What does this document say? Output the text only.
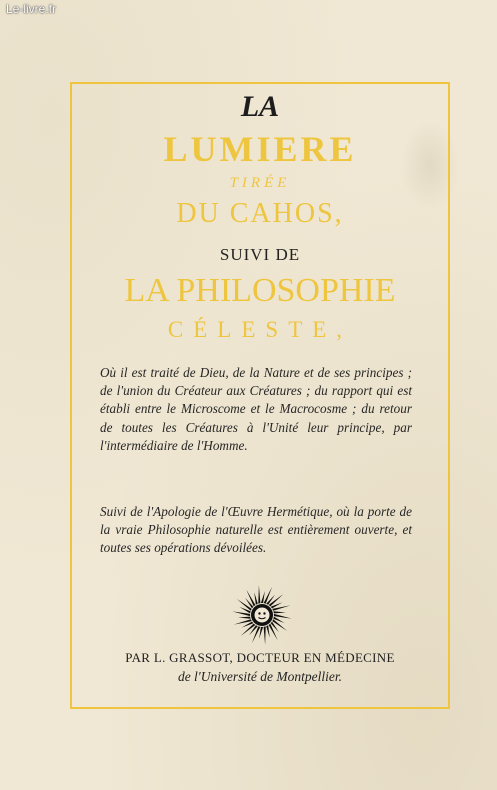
Le-livre.fr
LA
LUMIERE
TIRÉE
DU CAHOS,
SUIVI DE
LA PHILOSOPHIE
CÉLESTE,
Où il est traité de Dieu, de la Nature et de ses principes ; de l'union du Créateur aux Créatures ; du rapport qui est établi entre le Microscome et le Macrocosme ; du retour de toutes les Créatures à l'Unité leur principe, par l'intermédiaire de l'Homme.
Suivi de l'Apologie de l'Œuvre Hermétique, où la porte de la vraie Philosophie naturelle est entièrement ouverte, et toutes ses opérations dévoilées.
PAR L. GRASSOT, DOCTEUR EN MÉDECINE
de l'Université de Montpellier.
